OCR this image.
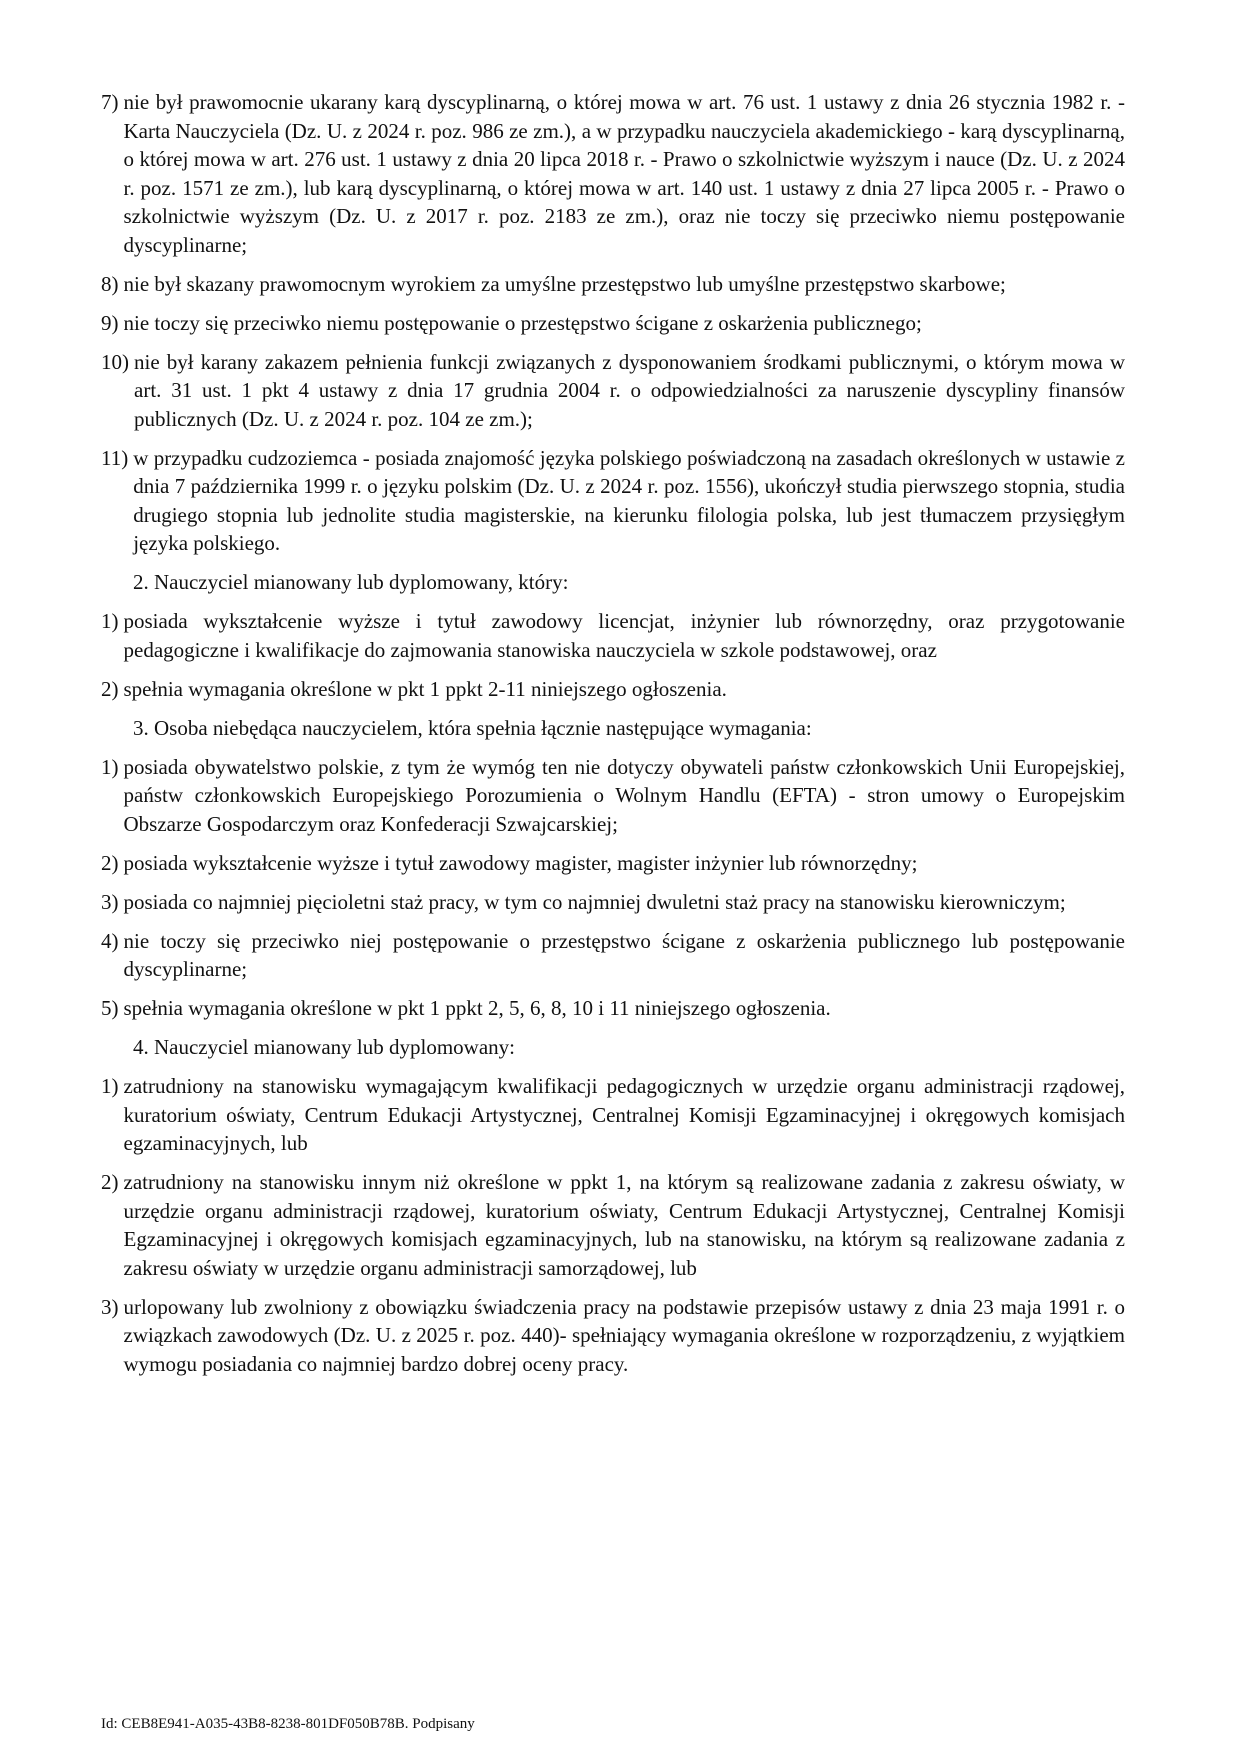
7) nie był prawomocnie ukarany karą dyscyplinarną, o której mowa w art. 76 ust. 1 ustawy z dnia 26 stycznia 1982 r. - Karta Nauczyciela (Dz. U. z 2024 r. poz. 986 ze zm.), a w przypadku nauczyciela akademickiego - karą dyscyplinarną, o której mowa w art. 276 ust. 1 ustawy z dnia 20 lipca 2018 r. - Prawo o szkolnictwie wyższym i nauce (Dz. U. z 2024 r. poz. 1571 ze zm.), lub karą dyscyplinarną, o której mowa w art. 140 ust. 1 ustawy z dnia 27 lipca 2005 r. - Prawo o szkolnictwie wyższym (Dz. U. z 2017 r. poz. 2183 ze zm.), oraz nie toczy się przeciwko niemu postępowanie dyscyplinarne;
8) nie był skazany prawomocnym wyrokiem za umyślne przestępstwo lub umyślne przestępstwo skarbowe;
9) nie toczy się przeciwko niemu postępowanie o przestępstwo ścigane z oskarżenia publicznego;
10) nie był karany zakazem pełnienia funkcji związanych z dysponowaniem środkami publicznymi, o którym mowa w art. 31 ust. 1 pkt 4 ustawy z dnia 17 grudnia 2004 r. o odpowiedzialności za naruszenie dyscypliny finansów publicznych (Dz. U. z 2024 r. poz. 104 ze zm.);
11) w przypadku cudzoziemca - posiada znajomość języka polskiego poświadczoną na zasadach określonych w ustawie z dnia 7 października 1999 r. o języku polskim (Dz. U. z 2024 r. poz. 1556), ukończył studia pierwszego stopnia, studia drugiego stopnia lub jednolite studia magisterskie, na kierunku filologia polska, lub jest tłumaczem przysięgłym języka polskiego.
2. Nauczyciel mianowany lub dyplomowany, który:
1) posiada wykształcenie wyższe i tytuł zawodowy licencjat, inżynier lub równorzędny, oraz przygotowanie pedagogiczne i kwalifikacje do zajmowania stanowiska nauczyciela w szkole podstawowej, oraz
2) spełnia wymagania określone w pkt 1 ppkt 2-11 niniejszego ogłoszenia.
3. Osoba niebędąca nauczycielem, która spełnia łącznie następujące wymagania:
1) posiada obywatelstwo polskie, z tym że wymóg ten nie dotyczy obywateli państw członkowskich Unii Europejskiej, państw członkowskich Europejskiego Porozumienia o Wolnym Handlu (EFTA) - stron umowy o Europejskim Obszarze Gospodarczym oraz Konfederacji Szwajcarskiej;
2) posiada wykształcenie wyższe i tytuł zawodowy magister, magister inżynier lub równorzędny;
3) posiada co najmniej pięcioletni staż pracy, w tym co najmniej dwuletni staż pracy na stanowisku kierowniczym;
4) nie toczy się przeciwko niej postępowanie o przestępstwo ścigane z oskarżenia publicznego lub postępowanie dyscyplinarne;
5) spełnia wymagania określone w pkt 1 ppkt 2, 5, 6, 8, 10 i 11 niniejszego ogłoszenia.
4. Nauczyciel mianowany lub dyplomowany:
1) zatrudniony na stanowisku wymagającym kwalifikacji pedagogicznych w urzędzie organu administracji rządowej, kuratorium oświaty, Centrum Edukacji Artystycznej, Centralnej Komisji Egzaminacyjnej i okręgowych komisjach egzaminacyjnych, lub
2) zatrudniony na stanowisku innym niż określone w ppkt 1, na którym są realizowane zadania z zakresu oświaty, w urzędzie organu administracji rządowej, kuratorium oświaty, Centrum Edukacji Artystycznej, Centralnej Komisji Egzaminacyjnej i okręgowych komisjach egzaminacyjnych, lub na stanowisku, na którym są realizowane zadania z zakresu oświaty w urzędzie organu administracji samorządowej, lub
3) urlopowany lub zwolniony z obowiązku świadczenia pracy na podstawie przepisów ustawy z dnia 23 maja 1991 r. o związkach zawodowych (Dz. U. z 2025 r. poz. 440)- spełniający wymagania określone w rozporządzeniu, z wyjątkiem wymogu posiadania co najmniej bardzo dobrej oceny pracy.
Id: CEB8E941-A035-43B8-8238-801DF050B78B. Podpisany
